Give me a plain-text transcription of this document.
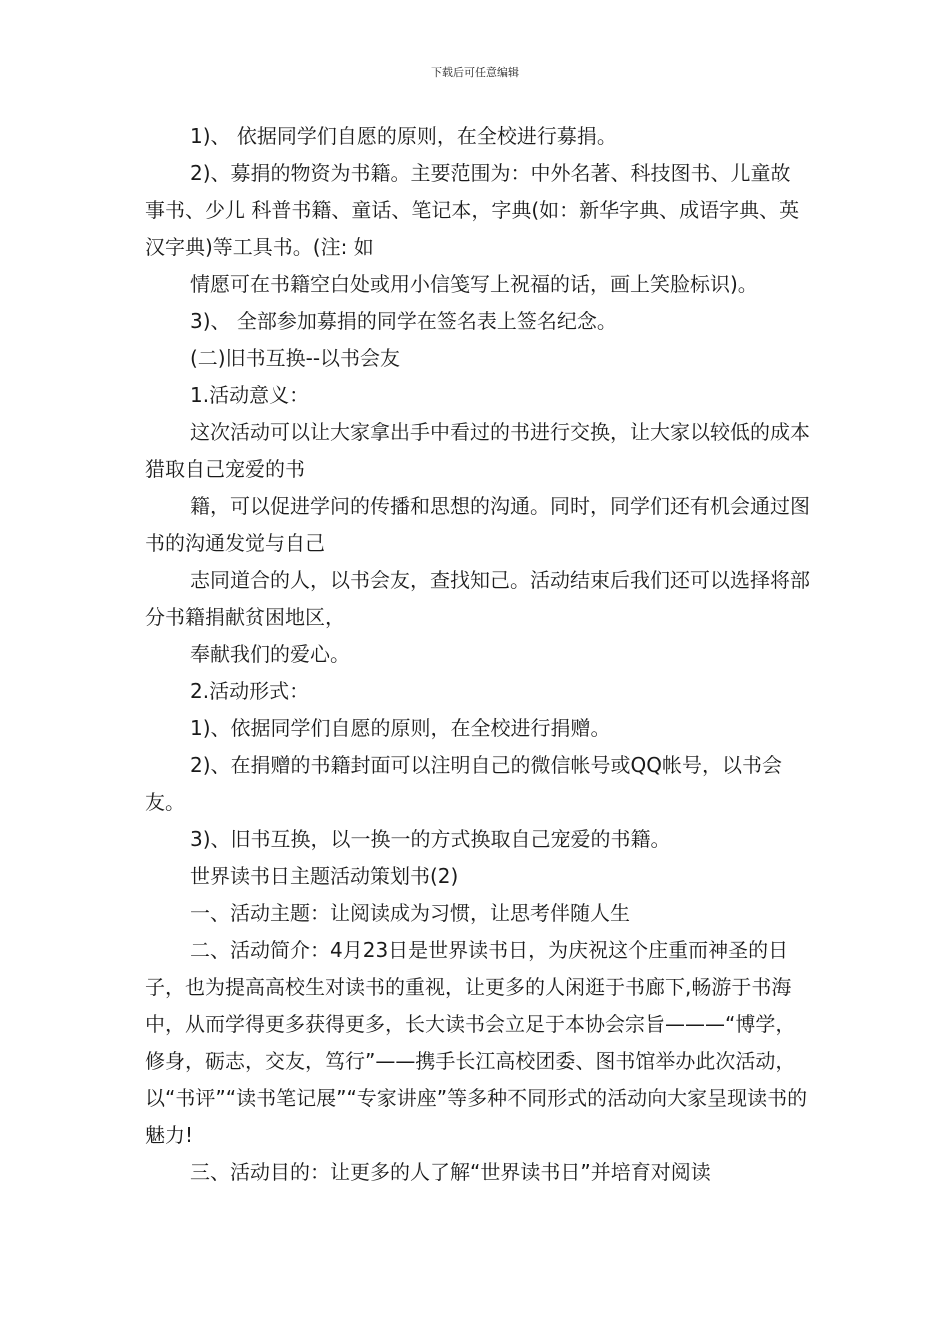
下载后可任意编辑

1)、 依据同学们自愿的原则，在全校进行募捐。

2)、募捐的物资为书籍。主要范围为：中外名著、科技图书、儿童故事书、少儿 科普书籍、童话、笔记本，字典(如：新华字典、成语字典、英汉字典)等工具书。(注: 如

情愿可在书籍空白处或用小信笺写上祝福的话，画上笑脸标识)。

3)、 全部参加募捐的同学在签名表上签名纪念。

(二)旧书互换--以书会友

1.活动意义：

这次活动可以让大家拿出手中看过的书进行交换，让大家以较低的成本猎取自己宠爱的书

籍，可以促进学问的传播和思想的沟通。同时，同学们还有机会通过图书的沟通发觉与自己

志同道合的人，以书会友，查找知己。活动结束后我们还可以选择将部分书籍捐献贫困地区，

奉献我们的爱心。

2.活动形式：

1)、依据同学们自愿的原则，在全校进行捐赠。

2)、在捐赠的书籍封面可以注明自己的微信帐号或QQ帐号，以书会友。

3)、旧书互换，以一换一的方式换取自己宠爱的书籍。

世界读书日主题活动策划书(2)

一、活动主题：让阅读成为习惯，让思考伴随人生

二、活动简介：4月23日是世界读书日，为庆祝这个庄重而神圣的日子，也为提高高校生对读书的重视，让更多的人闲逛于书廊下,畅游于书海中，从而学得更多获得更多，长大读书会立足于本协会宗旨———“博学，修身，砺志，交友，笃行”——携手长江高校团委、图书馆举办此次活动，以“书评”“读书笔记展”“专家讲座”等多种不同形式的活动向大家呈现读书的魅力!

三、活动目的：让更多的人了解“世界读书日”并培育对阅读
